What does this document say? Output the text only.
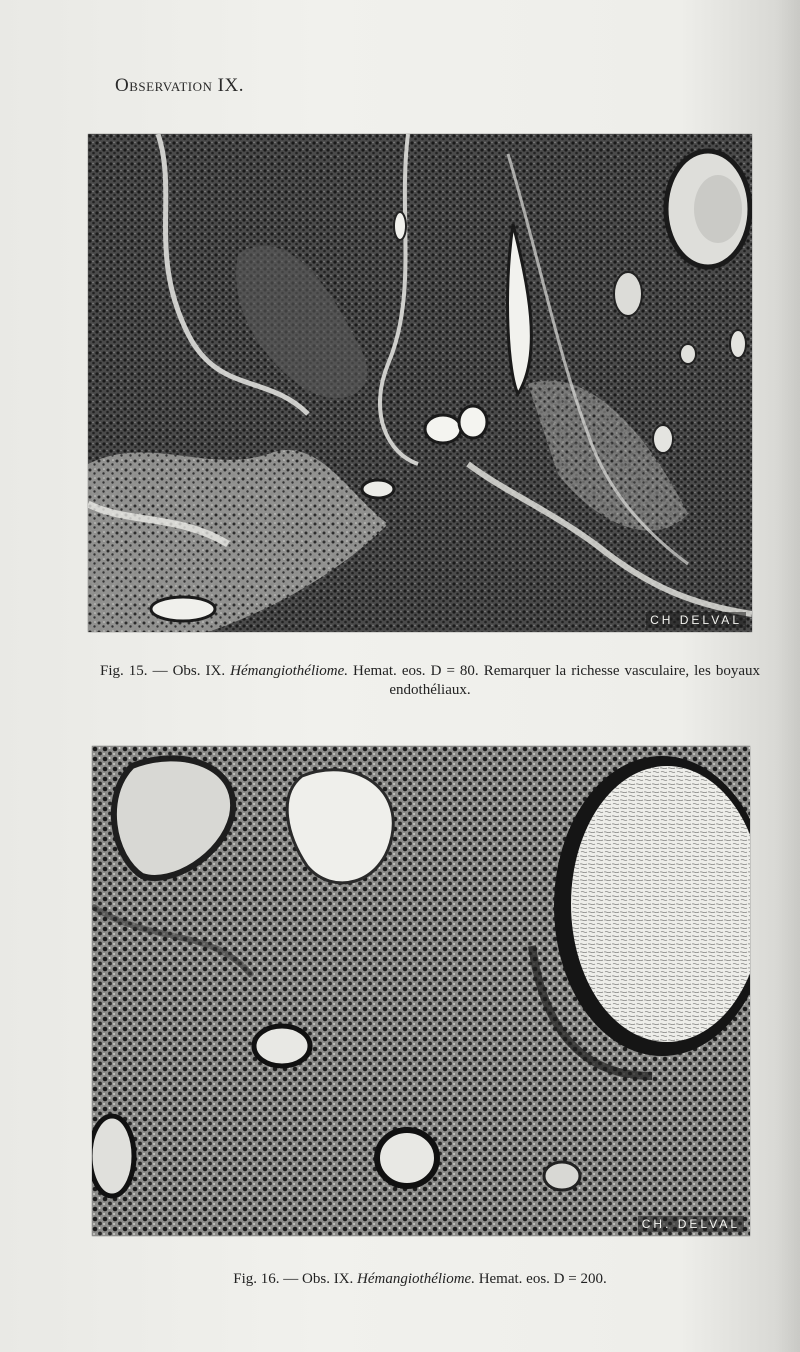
Observation IX.
CH DELVAL
Fig. 15. — Obs. IX. Hémangiothéliome. Hemat. eos. D = 80. Remarquer la richesse vasculaire, les boyaux endothéliaux.
CH. DELVAL
Fig. 16. — Obs. IX. Hémangiothéliome. Hemat. eos. D = 200.
